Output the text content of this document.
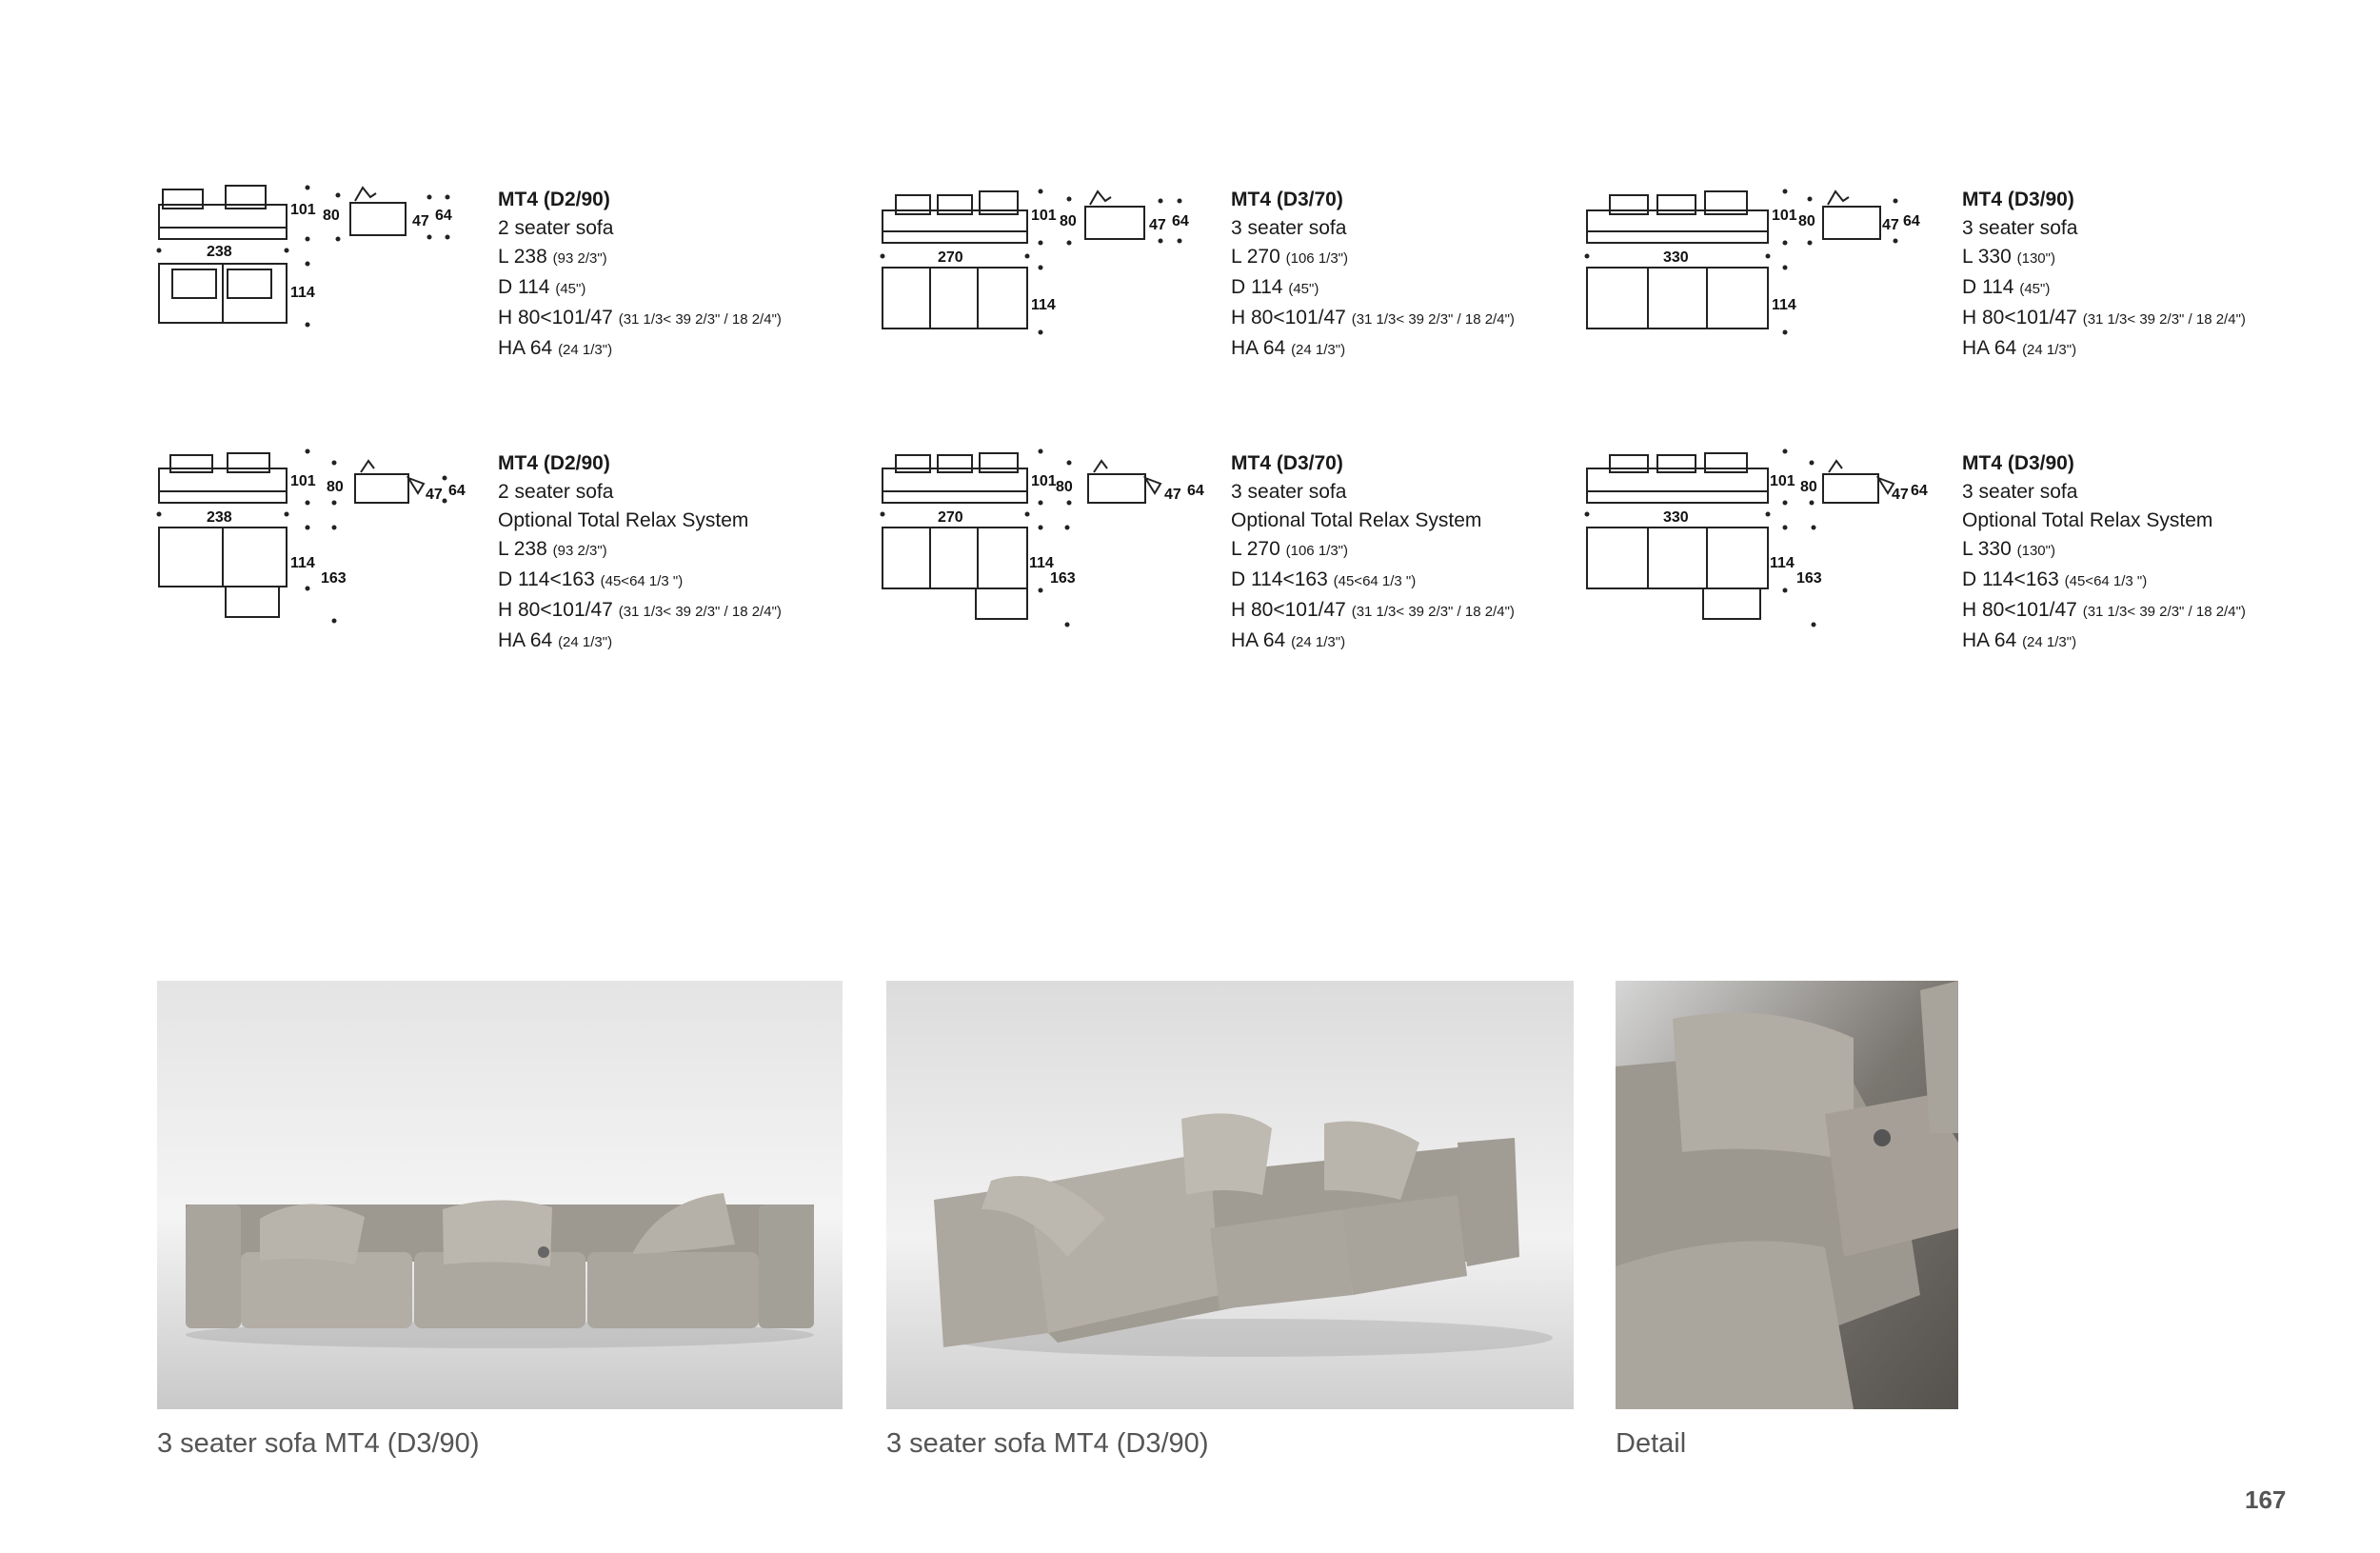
101 80
238
114
47 64
MT4 (D2/90)
2 seater sofa
L 238 (93 2/3")
D 114 (45")
H 80<101/47 (31 1/3< 39 2/3" / 18 2/4")
HA 64 (24 1/3")
101 80
270
114
47 64
MT4 (D3/70)
3 seater sofa
L 270 (106 1/3")
D 114 (45")
H 80<101/47 (31 1/3< 39 2/3" / 18 2/4")
HA 64 (24 1/3")
101 80
330
114
47 64
MT4 (D3/90)
3 seater sofa
L 330 (130")
D 114 (45")
H 80<101/47 (31 1/3< 39 2/3" / 18 2/4")
HA 64 (24 1/3")
101 80
238
114
163
47 64
MT4 (D2/90)
2 seater sofa
Optional Total Relax System
L 238 (93 2/3")
D 114<163 (45<64 1/3 ")
H 80<101/47 (31 1/3< 39 2/3" / 18 2/4")
HA 64 (24 1/3")
101 80
270
114
163
47 64
MT4 (D3/70)
3 seater sofa
Optional Total Relax System
L 270 (106 1/3")
D 114<163 (45<64 1/3 ")
H 80<101/47 (31 1/3< 39 2/3" / 18 2/4")
HA 64 (24 1/3")
101 80
330
114
163
47 64
MT4 (D3/90)
3 seater sofa
Optional Total Relax System
L 330 (130")
D 114<163 (45<64 1/3 ")
H 80<101/47 (31 1/3< 39 2/3" / 18 2/4")
HA 64 (24 1/3")
3 seater sofa MT4 (D3/90)	3 seater sofa MT4 (D3/90)	Detail
167
